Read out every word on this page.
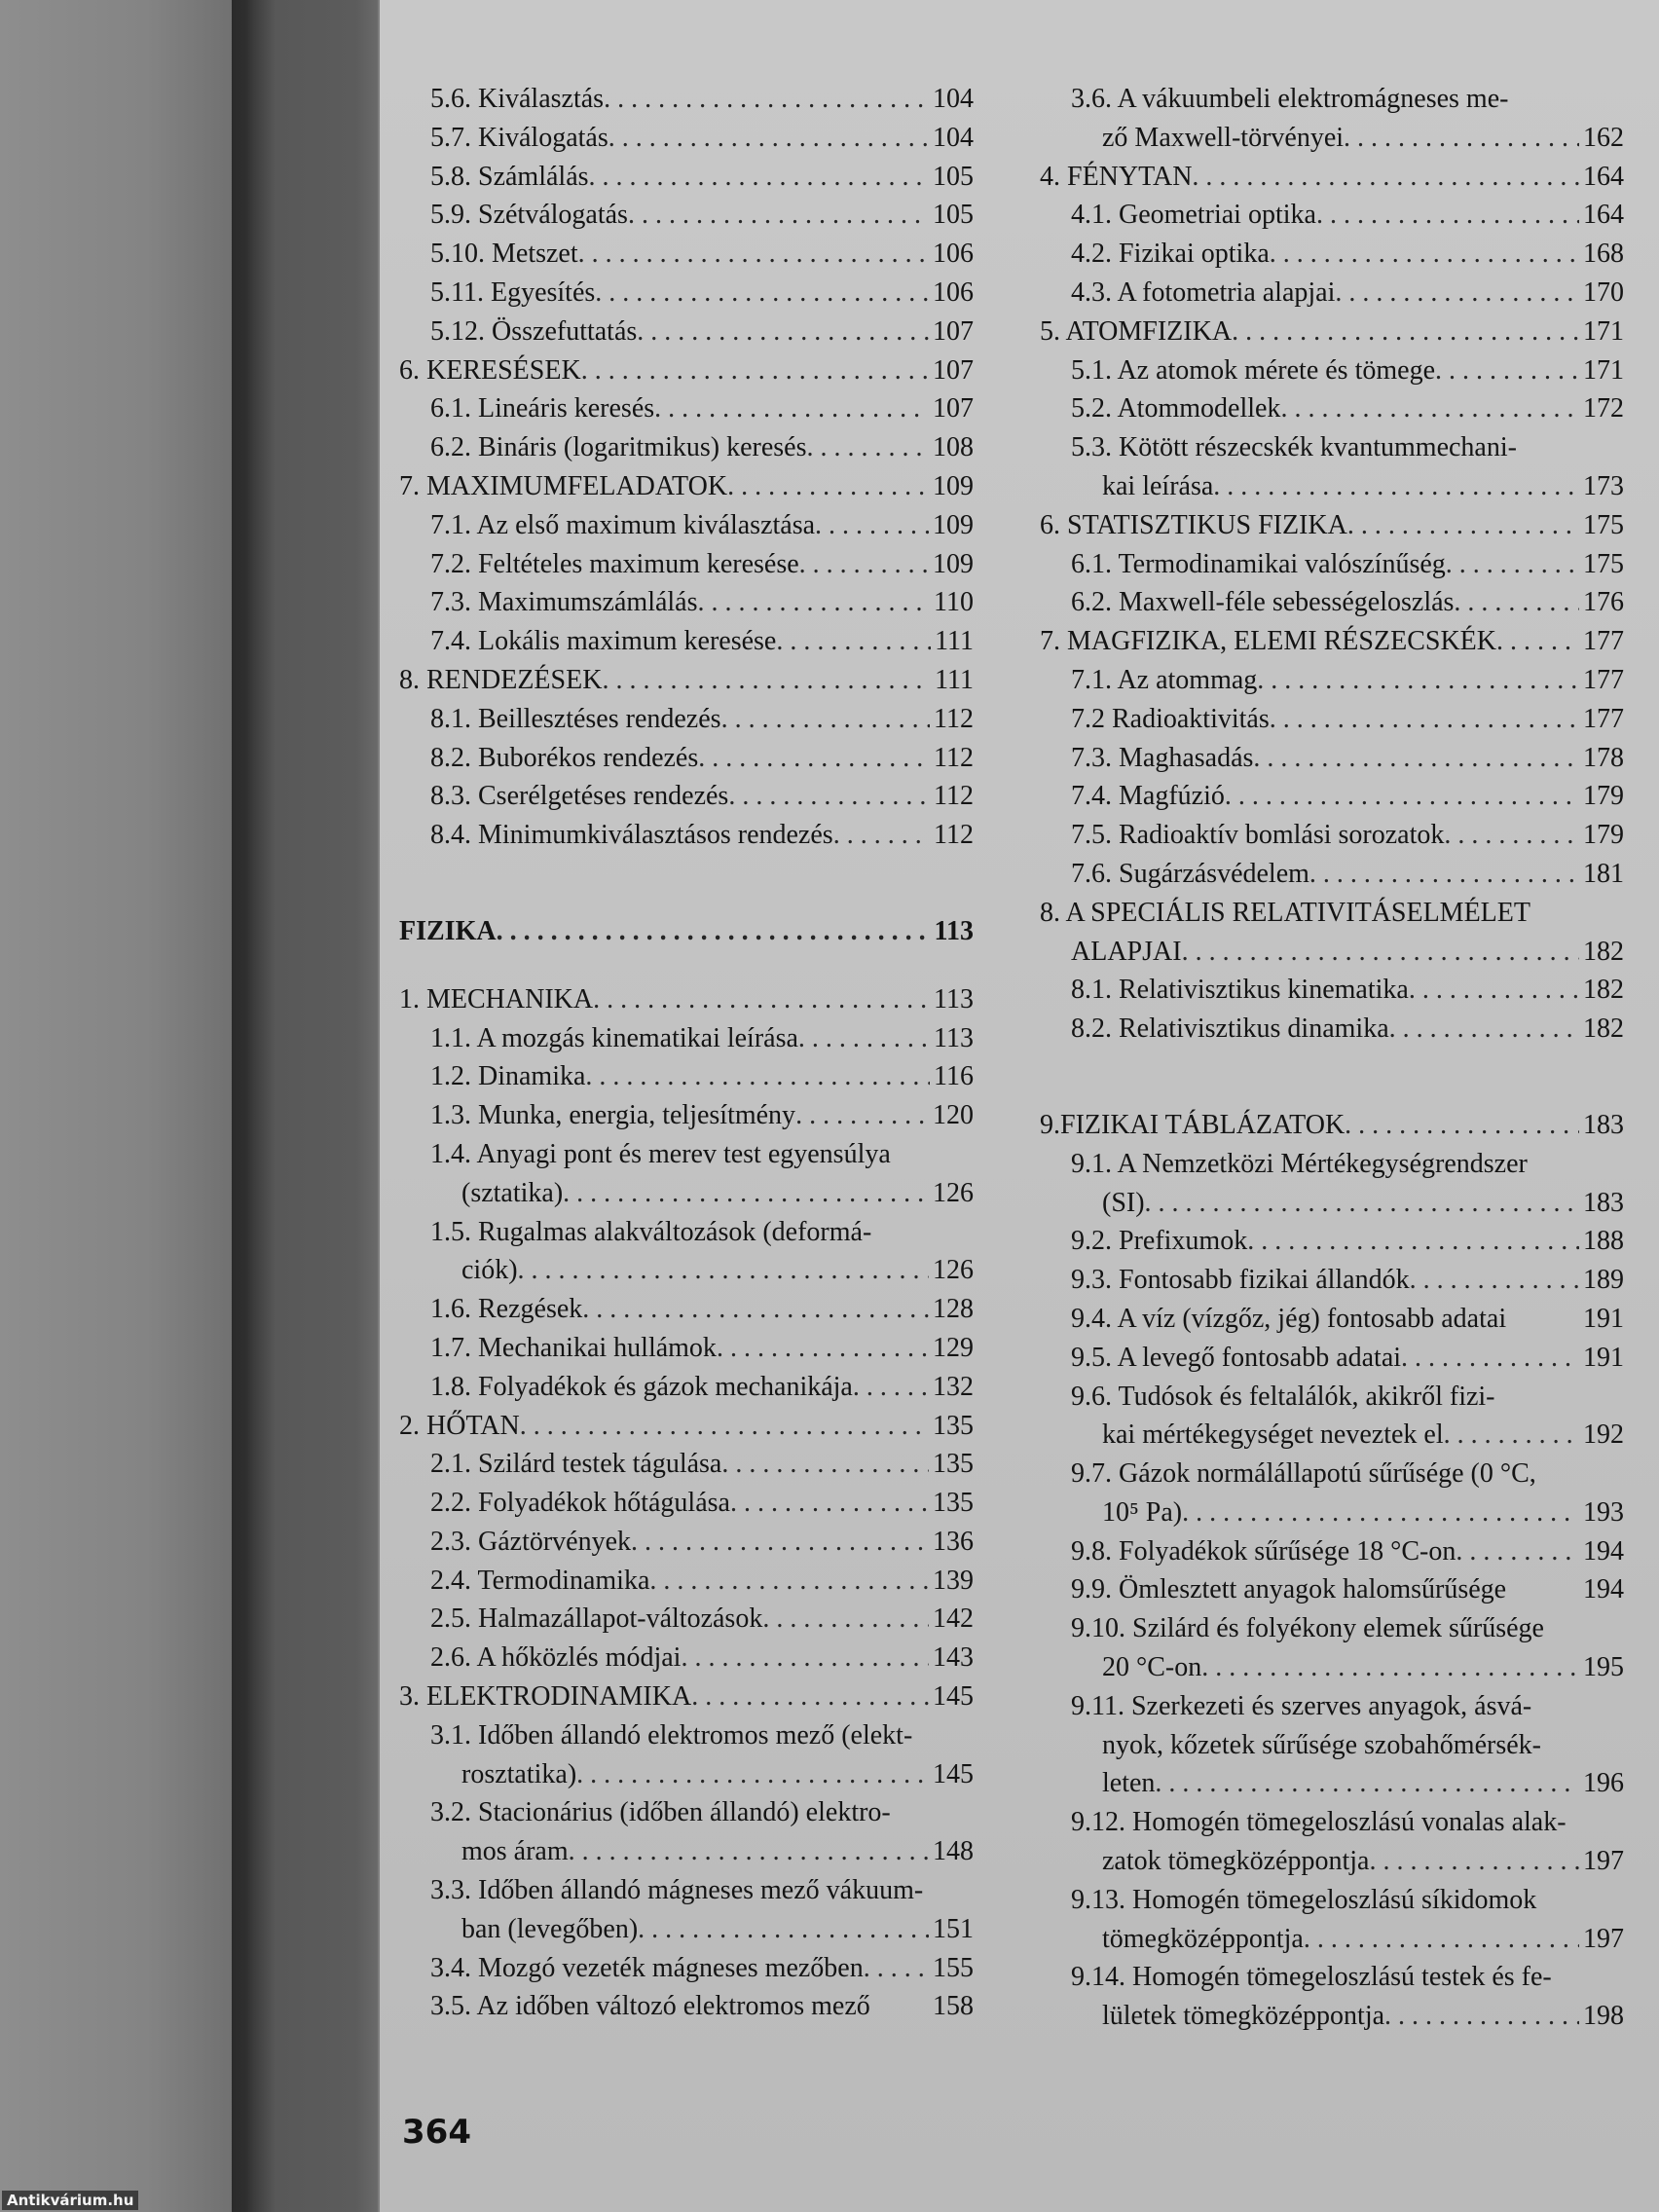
5.6. Kiválasztás . . .	104
5.7. Kiválogatás . . .	104
5.8. Számlálás . . .	105
5.9. Szétválogatás . . .	105
5.10. Metszet . . .	106
5.11. Egyesítés . . .	106
5.12. Összefuttatás . . .	107
6. KERESÉSEK . . .	107
6.1. Lineáris keresés . . .	107
6.2. Bináris (logaritmikus) keresés . . .	108
7. MAXIMUMFELADATOK . . .	109
7.1. Az első maximum kiválasztása . . .	109
7.2. Feltételes maximum keresése . . .	109
7.3. Maximumszámlálás . . .	110
7.4. Lokális maximum keresése . . .	111
8. RENDEZÉSEK . . .	111
8.1. Beillesztéses rendezés . . .	112
8.2. Buborékos rendezés . . .	112
8.3. Cserélgetéses rendezés . . .	112
8.4. Minimumkiválasztásos rendezés . . .	112
FIZIKA . . .	113
1. MECHANIKA . . .	113
1.1. A mozgás kinematikai leírása . . .	113
1.2. Dinamika . . .	116
1.3. Munka, energia, teljesítmény . . .	120
1.4. Anyagi pont és merev test egyensúlya
(sztatika) . . .	126
1.5. Rugalmas alakváltozások (deformá-
ciók) . . .	126
1.6. Rezgések . . .	128
1.7. Mechanikai hullámok . . .	129
1.8. Folyadékok és gázok mechanikája . . .	132
2. HŐTAN . . .	135
2.1. Szilárd testek tágulása . . .	135
2.2. Folyadékok hőtágulása . . .	135
2.3. Gáztörvények . . .	136
2.4. Termodinamika . . .	139
2.5. Halmazállapot-változások . . .	142
2.6. A hőközlés módjai . . .	143
3. ELEKTRODINAMIKA . . .	145
3.1. Időben állandó elektromos mező (elekt-
rosztatika) . . .	145
3.2. Stacionárius (időben állandó) elektro-
mos áram . . .	148
3.3. Időben állandó mágneses mező vákuum-
ban (levegőben) . . .	151
3.4. Mozgó vezeték mágneses mezőben . . .	155
3.5. Az időben változó elektromos mező 158
3.6. A vákuumbeli elektromágneses me-
ző Maxwell-törvényei . . .	162
4. FÉNYTAN . . .	164
4.1. Geometriai optika . . .	164
4.2. Fizikai optika . . .	168
4.3. A fotometria alapjai . . .	170
5. ATOMFIZIKA . . .	171
5.1. Az atomok mérete és tömege . . .	171
5.2. Atommodellek . . .	172
5.3. Kötött részecskék kvantummechani-
kai leírása . . .	173
6. STATISZTIKUS FIZIKA . . .	175
6.1. Termodinamikai valószínűség . . .	175
6.2. Maxwell-féle sebességeloszlás . . .	176
7. MAGFIZIKA, ELEMI RÉSZECSKÉK . . .	177
7.1. Az atommag . . .	177
7.2 Radioaktivitás . . .	177
7.3. Maghasadás . . .	178
7.4. Magfúzió . . .	179
7.5. Radioaktív bomlási sorozatok . . .	179
7.6. Sugárzásvédelem . . .	181
8. A SPECIÁLIS RELATIVITÁSELMÉLET
ALAPJAI . . .	182
8.1. Relativisztikus kinematika . . .	182
8.2. Relativisztikus dinamika . . .	182
9.FIZIKAI TÁBLÁZATOK . . .	183
9.1. A Nemzetközi Mértékegységrendszer
(SI) . . .	183
9.2. Prefixumok . . .	188
9.3. Fontosabb fizikai állandók . . .	189
9.4. A víz (vízgőz, jég) fontosabb adatai	191
9.5. A levegő fontosabb adatai . . .	191
9.6. Tudósok és feltalálók, akikről fizi-
kai mértékegységet neveztek el . . .	192
9.7. Gázok normálállapotú sűrűsége (0 °C,
10⁵ Pa) . . .	193
9.8. Folyadékok sűrűsége 18 °C-on . . .	194
9.9. Ömlesztett anyagok halomsűrűsége	194
9.10. Szilárd és folyékony elemek sűrűsége
20 °C-on . . .	195
9.11. Szerkezeti és szerves anyagok, ásvá-
nyok, kőzetek sűrűsége szobahőmérsék-
leten . . .	196
9.12. Homogén tömegeloszlású vonalas alak-
zatok tömegközéppontja . . .	197
9.13. Homogén tömegeloszlású síkidomok
tömegközéppontja . . .	197
9.14. Homogén tömegeloszlású testek és fe-
lületek tömegközéppontja . . .	198
364
Antikvárium.hu
